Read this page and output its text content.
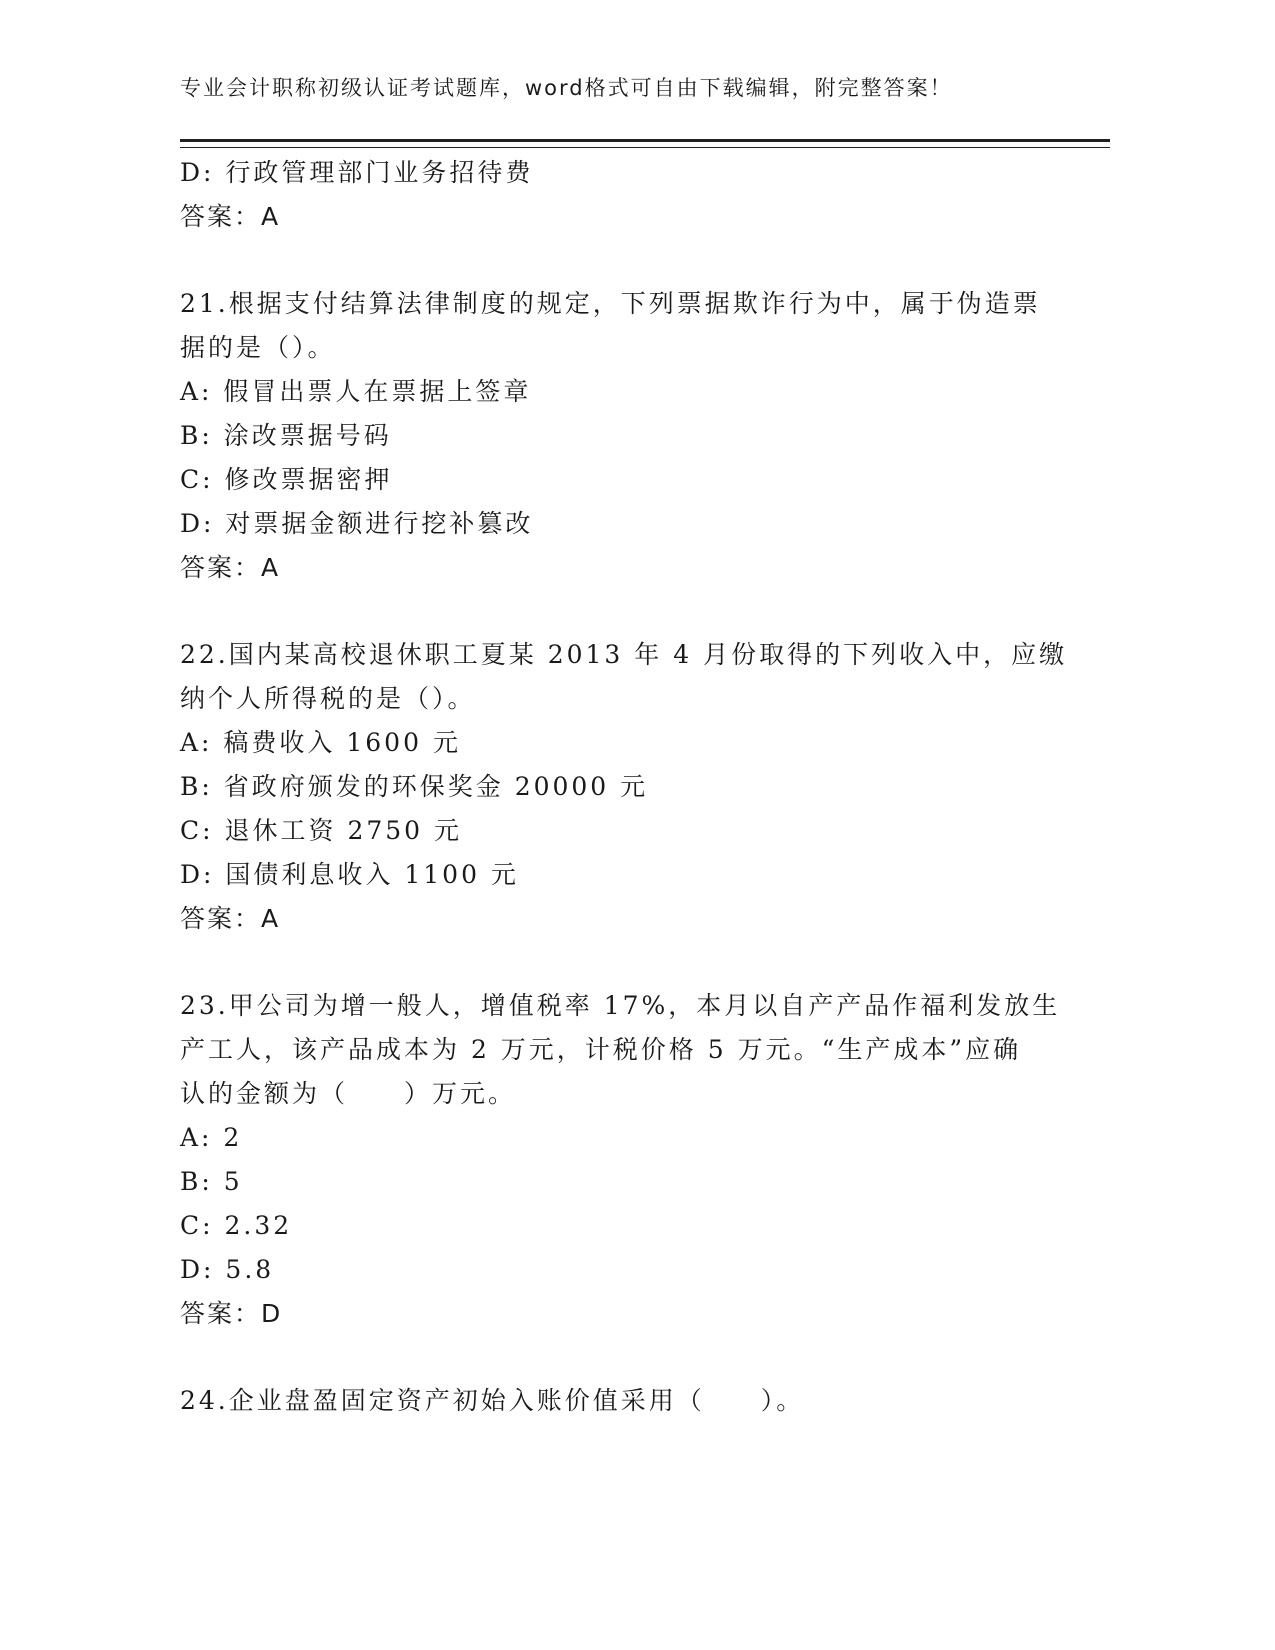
专业会计职称初级认证考试题库，word格式可自由下载编辑，附完整答案！
D: 行政管理部门业务招待费
答案：A
21.根据支付结算法律制度的规定，下列票据欺诈行为中，属于伪造票
据的是（）。
A: 假冒出票人在票据上签章
B: 涂改票据号码
C: 修改票据密押
D: 对票据金额进行挖补篡改
答案：A
22.国内某高校退休职工夏某 2013 年 4 月份取得的下列收入中，应缴
纳个人所得税的是（）。
A: 稿费收入 1600 元
B: 省政府颁发的环保奖金 20000 元
C: 退休工资 2750 元
D: 国债利息收入 1100 元
答案：A
23.甲公司为增一般人，增值税率 17%，本月以自产产品作福利发放生
产工人，该产品成本为 2 万元，计税价格 5 万元。“生产成本”应确
认的金额为（　　）万元。
A: 2
B: 5
C: 2.32
D: 5.8
答案：D
24.企业盘盈固定资产初始入账价值采用（　　）。
